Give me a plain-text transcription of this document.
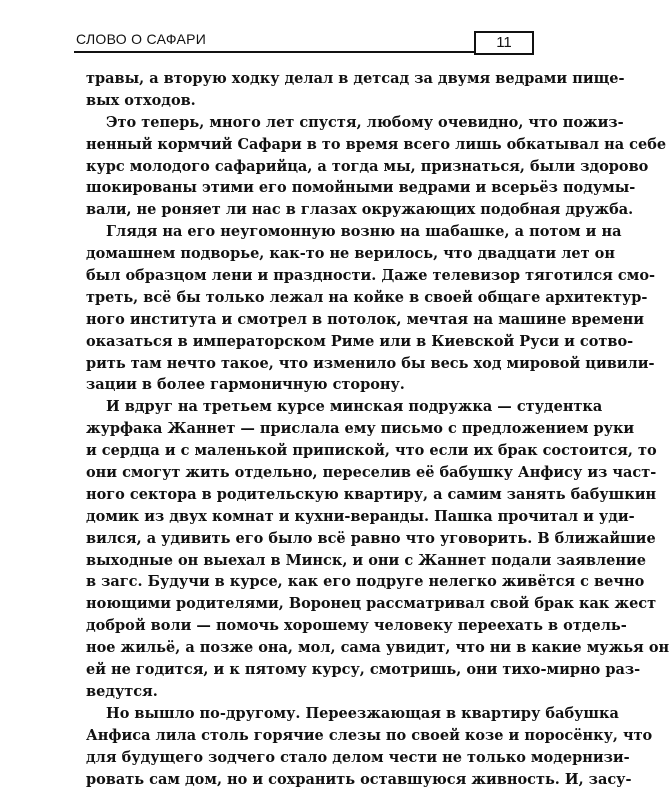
СЛОВО О САФАРИ	11
травы, а вторую ходку делал в детсад за двумя ведрами пище-
вых отходов.
Это теперь, много лет спустя, любому очевидно, что пожиз-
ненный кормчий Сафари в то время всего лишь обкатывал на себе
курс молодого сафарийца, а тогда мы, признаться, были здорово
шокированы этими его помойными ведрами и всерьёз подумы-
вали, не роняет ли нас в глазах окружающих подобная дружба.
Глядя на его неугомонную возню на шабашке, а потом и на
домашнем подворье, как-то не верилось, что двадцати лет он
был образцом лени и праздности. Даже телевизор тяготился смо-
треть, всё бы только лежал на койке в своей общаге архитектур-
ного института и смотрел в потолок, мечтая на машине времени
оказаться в императорском Риме или в Киевской Руси и сотво-
рить там нечто такое, что изменило бы весь ход мировой цивили-
зации в более гармоничную сторону.
И вдруг на третьем курсе минская подружка — студентка
журфака Жаннет — прислала ему письмо с предложением руки
и сердца и с маленькой припиской, что если их брак состоится, то
они смогут жить отдельно, переселив её бабушку Анфису из част-
ного сектора в родительскую квартиру, а самим занять бабушкин
домик из двух комнат и кухни-веранды. Пашка прочитал и уди-
вился, а удивить его было всё равно что уговорить. В ближайшие
выходные он выехал в Минск, и они с Жаннет подали заявление
в загс. Будучи в курсе, как его подруге нелегко живётся с вечно
ноющими родителями, Воронец рассматривал свой брак как жест
доброй воли — помочь хорошему человеку переехать в отдель-
ное жильё, а позже она, мол, сама увидит, что ни в какие мужья он
ей не годится, и к пятому курсу, смотришь, они тихо-мирно раз-
ведутся.
Но вышло по-другому. Переезжающая в квартиру бабушка
Анфиса лила столь горячие слезы по своей козе и поросёнку, что
для будущего зодчего стало делом чести не только модернизи-
ровать сам дом, но и сохранить оставшуюся живность. И, засу-
